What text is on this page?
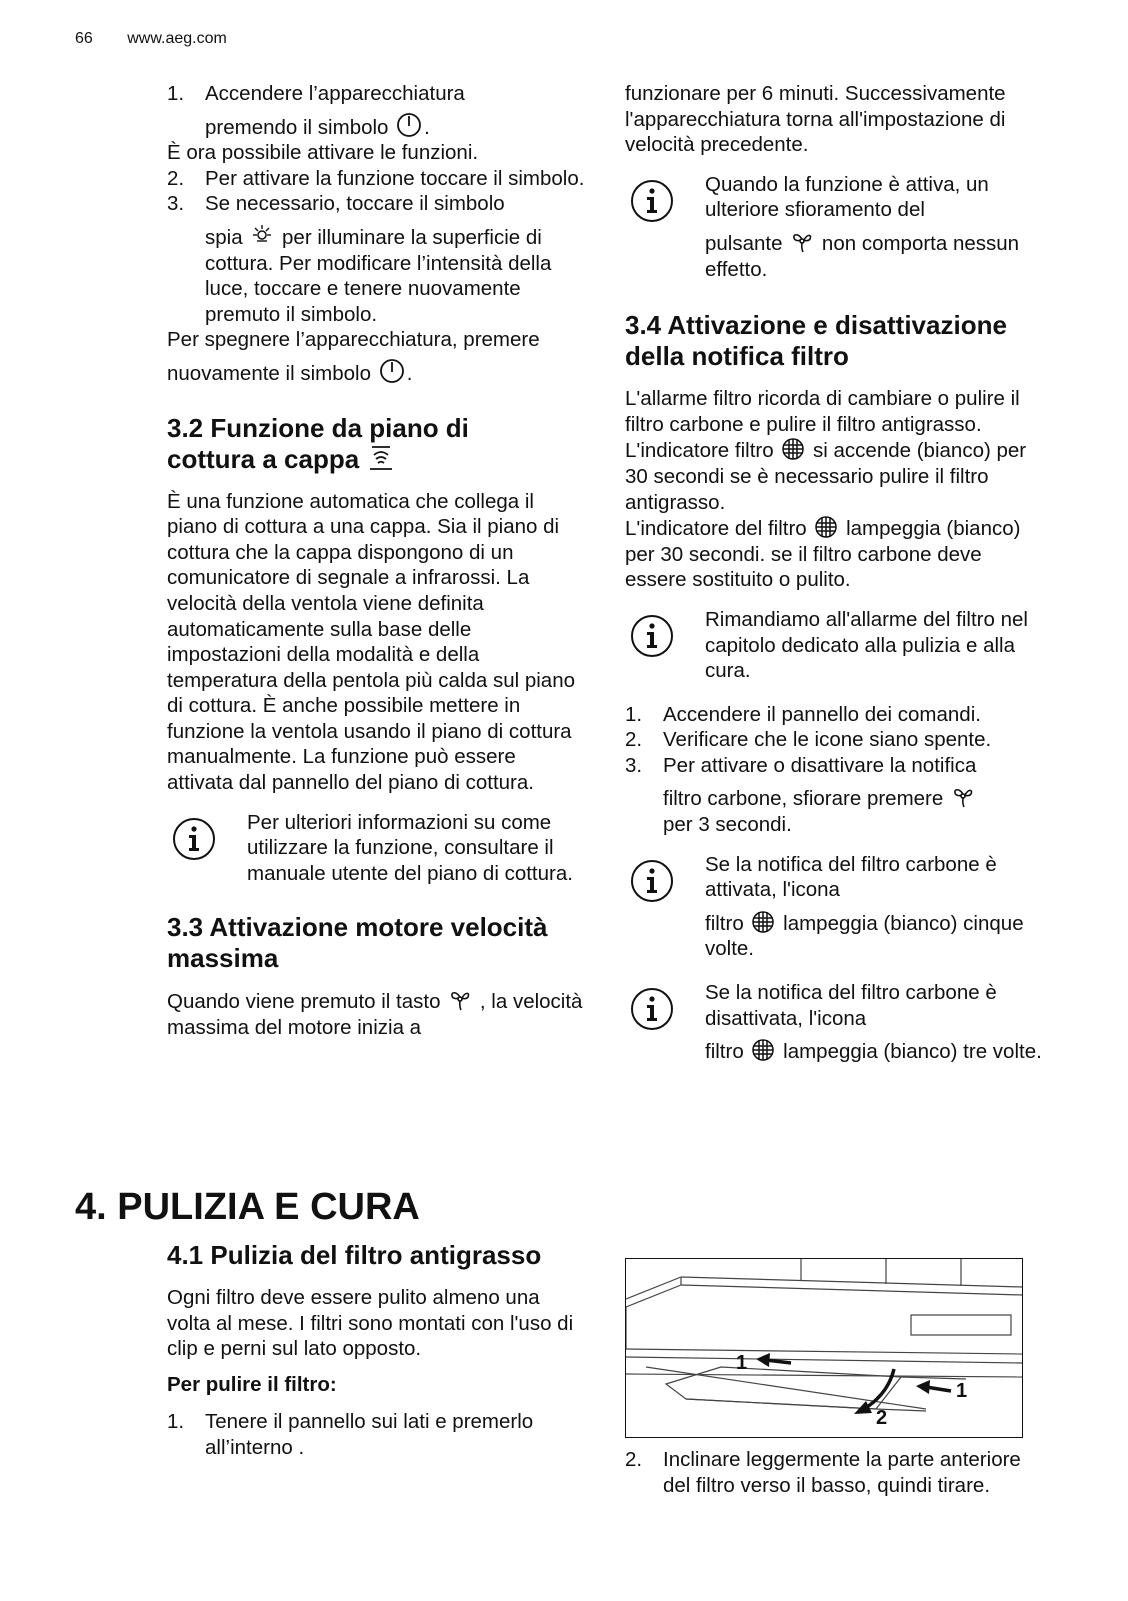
66 www.aeg.com
1. Accendere l’apparecchiatura
premendo il simbolo .

È ora possibile attivare le funzioni.

2. Per attivare la funzione toccare il simbolo.
3. Se necessario, toccare il simbolo
spia per illuminare la superficie di cottura. Per modificare l’intensità della luce, toccare e tenere nuovamente premuto il simbolo.

Per spegnere l’apparecchiatura, premere
nuovamente il simbolo .

3.2 Funzione da piano di
cottura a cappa

È una funzione automatica che collega il piano di cottura a una cappa. Sia il piano di cottura che la cappa dispongono di un comunicatore di segnale a infrarossi. La velocità della ventola viene definita automaticamente sulla base delle impostazioni della modalità e della temperatura della pentola più calda sul piano di cottura. È anche possibile mettere in funzione la ventola usando il piano di cottura manualmente. La funzione può essere attivata dal pannello del piano di cottura.

Per ulteriori informazioni su come utilizzare la funzione, consultare il manuale utente del piano di cottura.
3.3 Attivazione motore velocità massima

Quando viene premuto il tasto , la velocità massima del motore inizia a

funzionare per 6 minuti. Successivamente l'apparecchiatura torna all'impostazione di velocità precedente.

Quando la funzione è attiva, un ulteriore sfioramento del
pulsante non comporta nessun effetto.
3.4 Attivazione e disattivazione della notifica filtro

L'allarme filtro ricorda di cambiare o pulire il filtro carbone e pulire il filtro antigrasso. L'indicatore filtro si accende (bianco) per 30 secondi se è necessario pulire il filtro antigrasso.

L'indicatore del filtro lampeggia (bianco) per 30 secondi. se il filtro carbone deve essere sostituito o pulito.

Rimandiamo all'allarme del filtro nel capitolo dedicato alla pulizia e alla cura.
1. Accendere il pannello dei comandi.
2. Verificare che le icone siano spente.
3. Per attivare o disattivare la notifica
filtro carbone, sfiorare premere
per 3 secondi.
Se la notifica del filtro carbone è attivata, l'icona
filtro lampeggia (bianco) cinque volte.
Se la notifica del filtro carbone è disattivata, l'icona
filtro lampeggia (bianco) tre volte.
4. PULIZIA E CURA
4.1 Pulizia del filtro antigrasso

Ogni filtro deve essere pulito almeno una volta al mese. I filtri sono montati con l'uso di clip e perni sul lato opposto.

Per pulire il filtro:

1. Tenere il pannello sui lati e premerlo all’interno .
1
1
2
2. Inclinare leggermente la parte anteriore del filtro verso il basso, quindi tirare.
